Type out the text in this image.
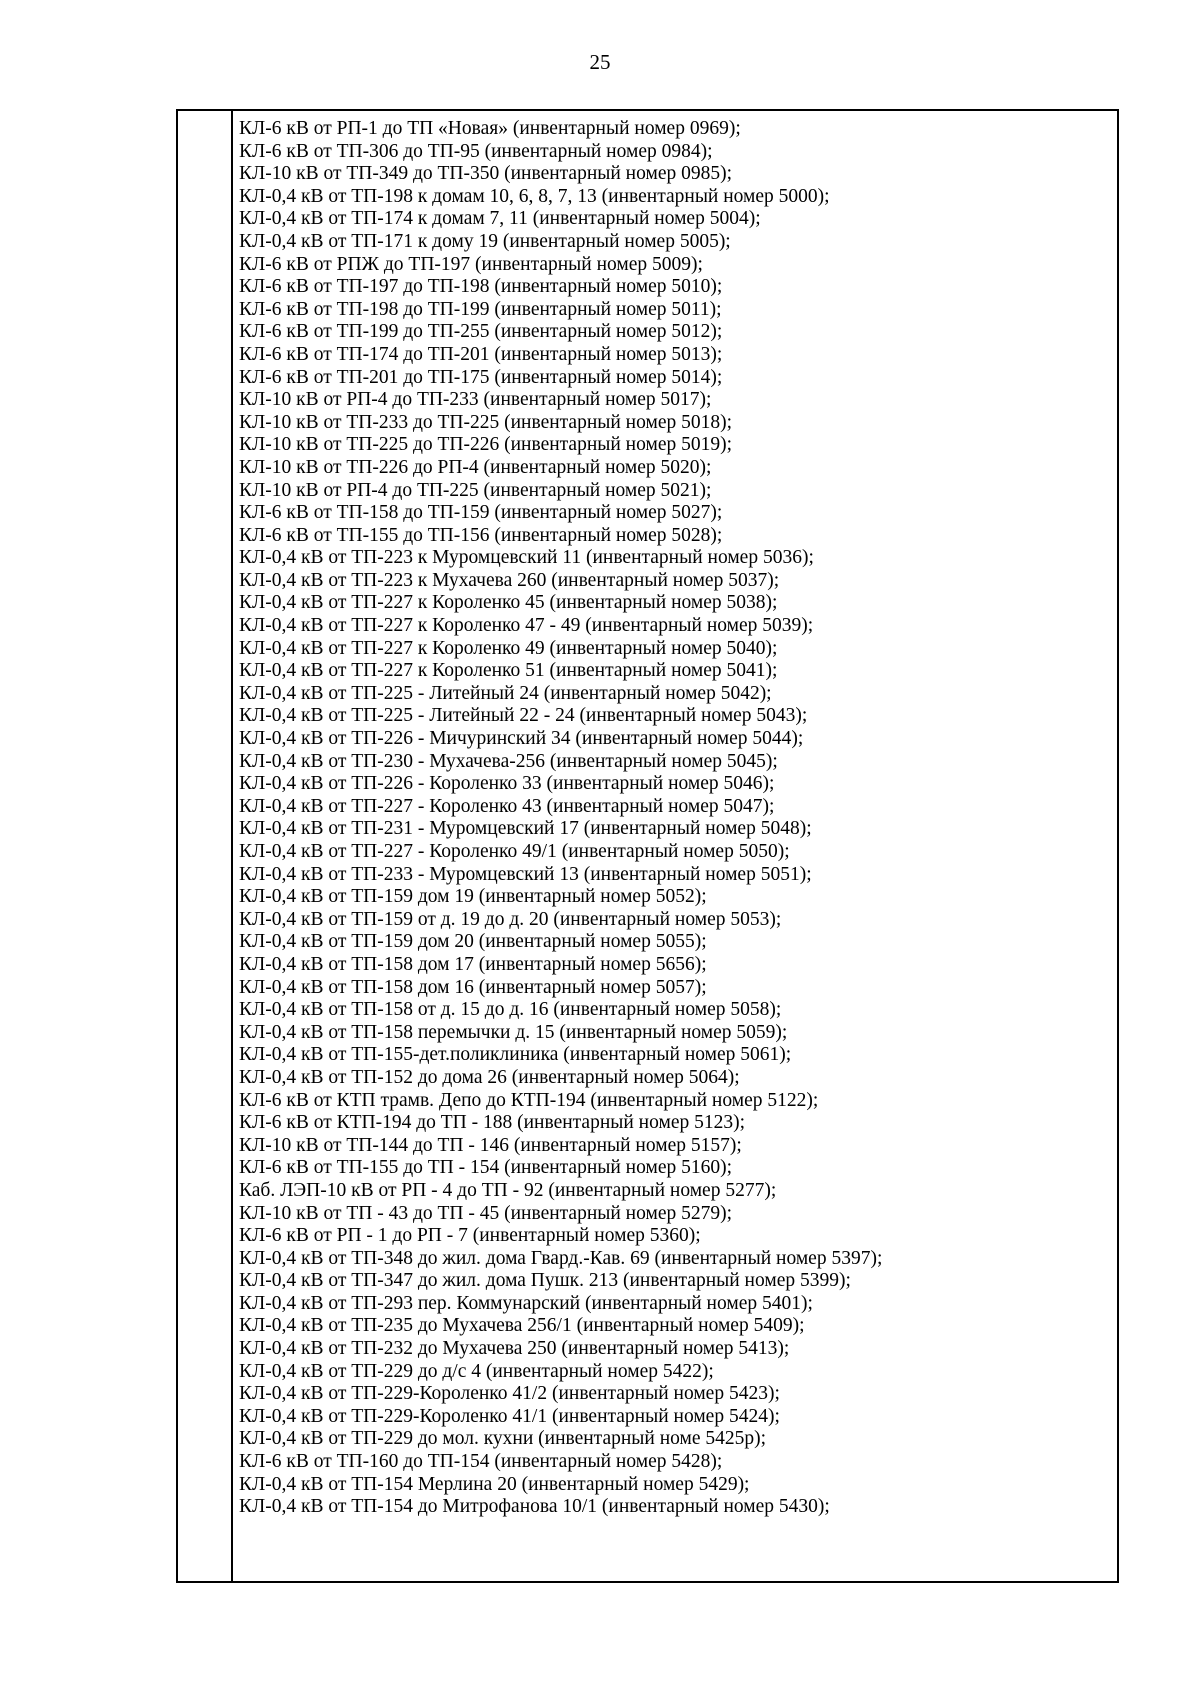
25
КЛ-6 кВ от РП-1 до ТП «Новая» (инвентарный номер 0969);
КЛ-6 кВ от ТП-306 до ТП-95 (инвентарный номер 0984);
КЛ-10 кВ от ТП-349 до ТП-350 (инвентарный номер 0985);
КЛ-0,4 кВ от ТП-198 к домам 10, 6, 8, 7, 13 (инвентарный номер 5000);
КЛ-0,4 кВ от ТП-174 к домам 7, 11 (инвентарный номер 5004);
КЛ-0,4 кВ от ТП-171 к дому 19 (инвентарный номер 5005);
КЛ-6 кВ от РПЖ до ТП-197 (инвентарный номер 5009);
КЛ-6 кВ от ТП-197 до ТП-198 (инвентарный номер 5010);
КЛ-6 кВ от ТП-198 до ТП-199 (инвентарный номер 5011);
КЛ-6 кВ от ТП-199 до ТП-255 (инвентарный номер 5012);
КЛ-6 кВ от ТП-174 до ТП-201 (инвентарный номер 5013);
КЛ-6 кВ от ТП-201 до ТП-175 (инвентарный номер 5014);
КЛ-10 кВ от РП-4 до ТП-233 (инвентарный номер 5017);
КЛ-10 кВ от ТП-233 до ТП-225 (инвентарный номер 5018);
КЛ-10 кВ от ТП-225 до ТП-226 (инвентарный номер 5019);
КЛ-10 кВ от ТП-226 до РП-4 (инвентарный номер 5020);
КЛ-10 кВ от РП-4 до ТП-225 (инвентарный номер 5021);
КЛ-6 кВ от ТП-158 до ТП-159 (инвентарный номер 5027);
КЛ-6 кВ от ТП-155 до ТП-156 (инвентарный номер 5028);
КЛ-0,4 кВ от ТП-223 к Муромцевский 11 (инвентарный номер 5036);
КЛ-0,4 кВ от ТП-223 к Мухачева 260 (инвентарный номер 5037);
КЛ-0,4 кВ от ТП-227 к Короленко 45 (инвентарный номер 5038);
КЛ-0,4 кВ от ТП-227 к Короленко 47 - 49 (инвентарный номер 5039);
КЛ-0,4 кВ от ТП-227 к Короленко 49 (инвентарный номер 5040);
КЛ-0,4 кВ от ТП-227 к Короленко 51 (инвентарный номер 5041);
КЛ-0,4 кВ от ТП-225 - Литейный 24 (инвентарный номер 5042);
КЛ-0,4 кВ от ТП-225 - Литейный 22 - 24 (инвентарный номер 5043);
КЛ-0,4 кВ от ТП-226 - Мичуринский 34 (инвентарный номер 5044);
КЛ-0,4 кВ от ТП-230 - Мухачева-256 (инвентарный номер 5045);
КЛ-0,4 кВ от ТП-226 - Короленко 33 (инвентарный номер 5046);
КЛ-0,4 кВ от ТП-227 - Короленко 43 (инвентарный номер 5047);
КЛ-0,4 кВ от ТП-231 - Муромцевский 17 (инвентарный номер 5048);
КЛ-0,4 кВ от ТП-227 - Короленко 49/1 (инвентарный номер 5050);
КЛ-0,4 кВ от ТП-233 - Муромцевский 13 (инвентарный номер 5051);
КЛ-0,4 кВ от ТП-159 дом 19 (инвентарный номер 5052);
КЛ-0,4 кВ от ТП-159 от д. 19 до д. 20 (инвентарный номер 5053);
КЛ-0,4 кВ от ТП-159 дом 20 (инвентарный номер 5055);
КЛ-0,4 кВ от ТП-158 дом 17 (инвентарный номер 5656);
КЛ-0,4 кВ от ТП-158 дом 16 (инвентарный номер 5057);
КЛ-0,4 кВ от ТП-158 от д. 15 до д. 16 (инвентарный номер 5058);
КЛ-0,4 кВ от ТП-158 перемычки д. 15 (инвентарный номер 5059);
КЛ-0,4 кВ от ТП-155-дет.поликлиника (инвентарный номер 5061);
КЛ-0,4 кВ от ТП-152 до дома 26 (инвентарный номер 5064);
КЛ-6 кВ от КТП трамв. Депо до КТП-194 (инвентарный номер 5122);
КЛ-6 кВ от КТП-194 до ТП - 188 (инвентарный номер 5123);
КЛ-10 кВ от ТП-144 до ТП - 146 (инвентарный номер 5157);
КЛ-6 кВ от ТП-155 до ТП - 154 (инвентарный номер 5160);
Каб. ЛЭП-10 кВ от РП - 4 до ТП - 92 (инвентарный номер 5277);
КЛ-10 кВ от ТП - 43 до ТП - 45 (инвентарный номер 5279);
КЛ-6 кВ от РП - 1 до РП - 7 (инвентарный номер 5360);
КЛ-0,4 кВ от ТП-348 до жил. дома Гвард.-Кав. 69 (инвентарный номер 5397);
КЛ-0,4 кВ от ТП-347 до жил. дома Пушк. 213 (инвентарный номер 5399);
КЛ-0,4 кВ от ТП-293 пер. Коммунарский (инвентарный номер 5401);
КЛ-0,4 кВ от ТП-235 до Мухачева 256/1 (инвентарный номер 5409);
КЛ-0,4 кВ от ТП-232 до Мухачева 250 (инвентарный номер 5413);
КЛ-0,4 кВ от ТП-229 до д/с 4 (инвентарный номер 5422);
КЛ-0,4 кВ от ТП-229-Короленко 41/2 (инвентарный номер 5423);
КЛ-0,4 кВ от ТП-229-Короленко 41/1 (инвентарный номер 5424);
КЛ-0,4 кВ от ТП-229 до мол. кухни (инвентарный номе 5425р);
КЛ-6 кВ от ТП-160 до ТП-154 (инвентарный номер 5428);
КЛ-0,4 кВ от ТП-154 Мерлина 20 (инвентарный номер 5429);
КЛ-0,4 кВ от ТП-154 до Митрофанова 10/1 (инвентарный номер 5430);
